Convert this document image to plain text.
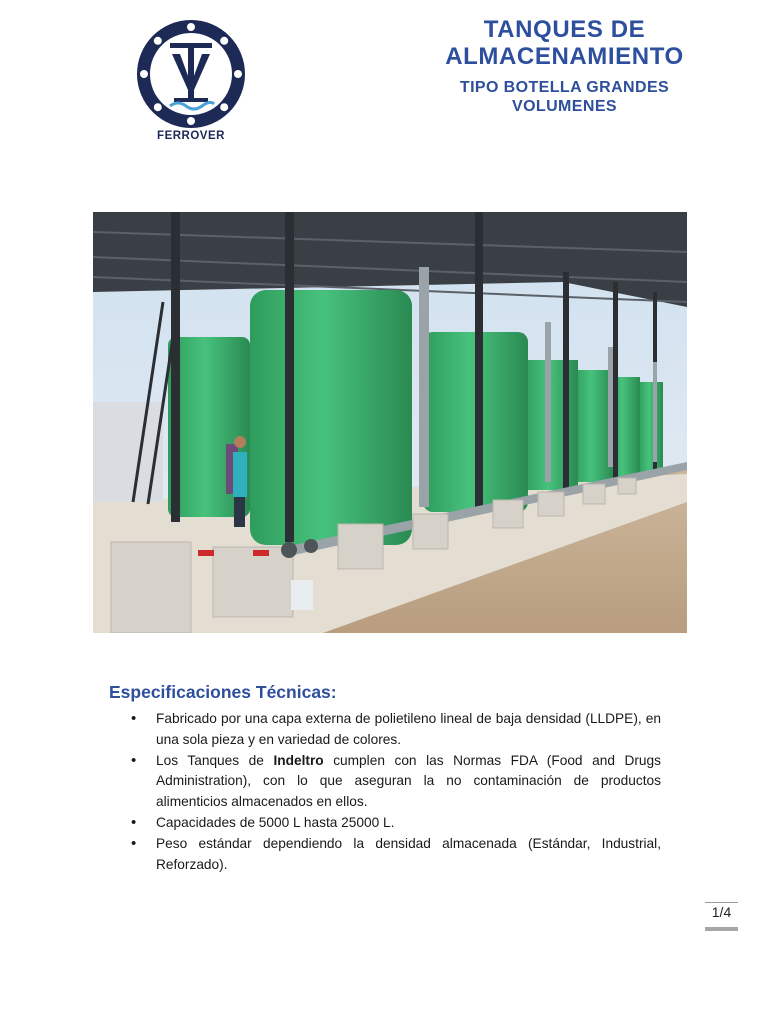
FERROVER
TANQUES DE
ALMACENAMIENTO
TIPO BOTELLA GRANDES
VOLUMENES
Especificaciones Técnicas:
• Fabricado por una capa externa de polietileno lineal de baja densidad (LLDPE), en una sola pieza y en variedad de colores.
• Los Tanques de Indeltro cumplen con las Normas FDA (Food and Drugs Administration), con lo que aseguran la no contaminación de productos alimenticios almacenados en ellos.
• Capacidades de 5000 L hasta 25000 L.
• Peso estándar dependiendo la densidad almacenada (Estándar, Industrial, Reforzado).
1/4
